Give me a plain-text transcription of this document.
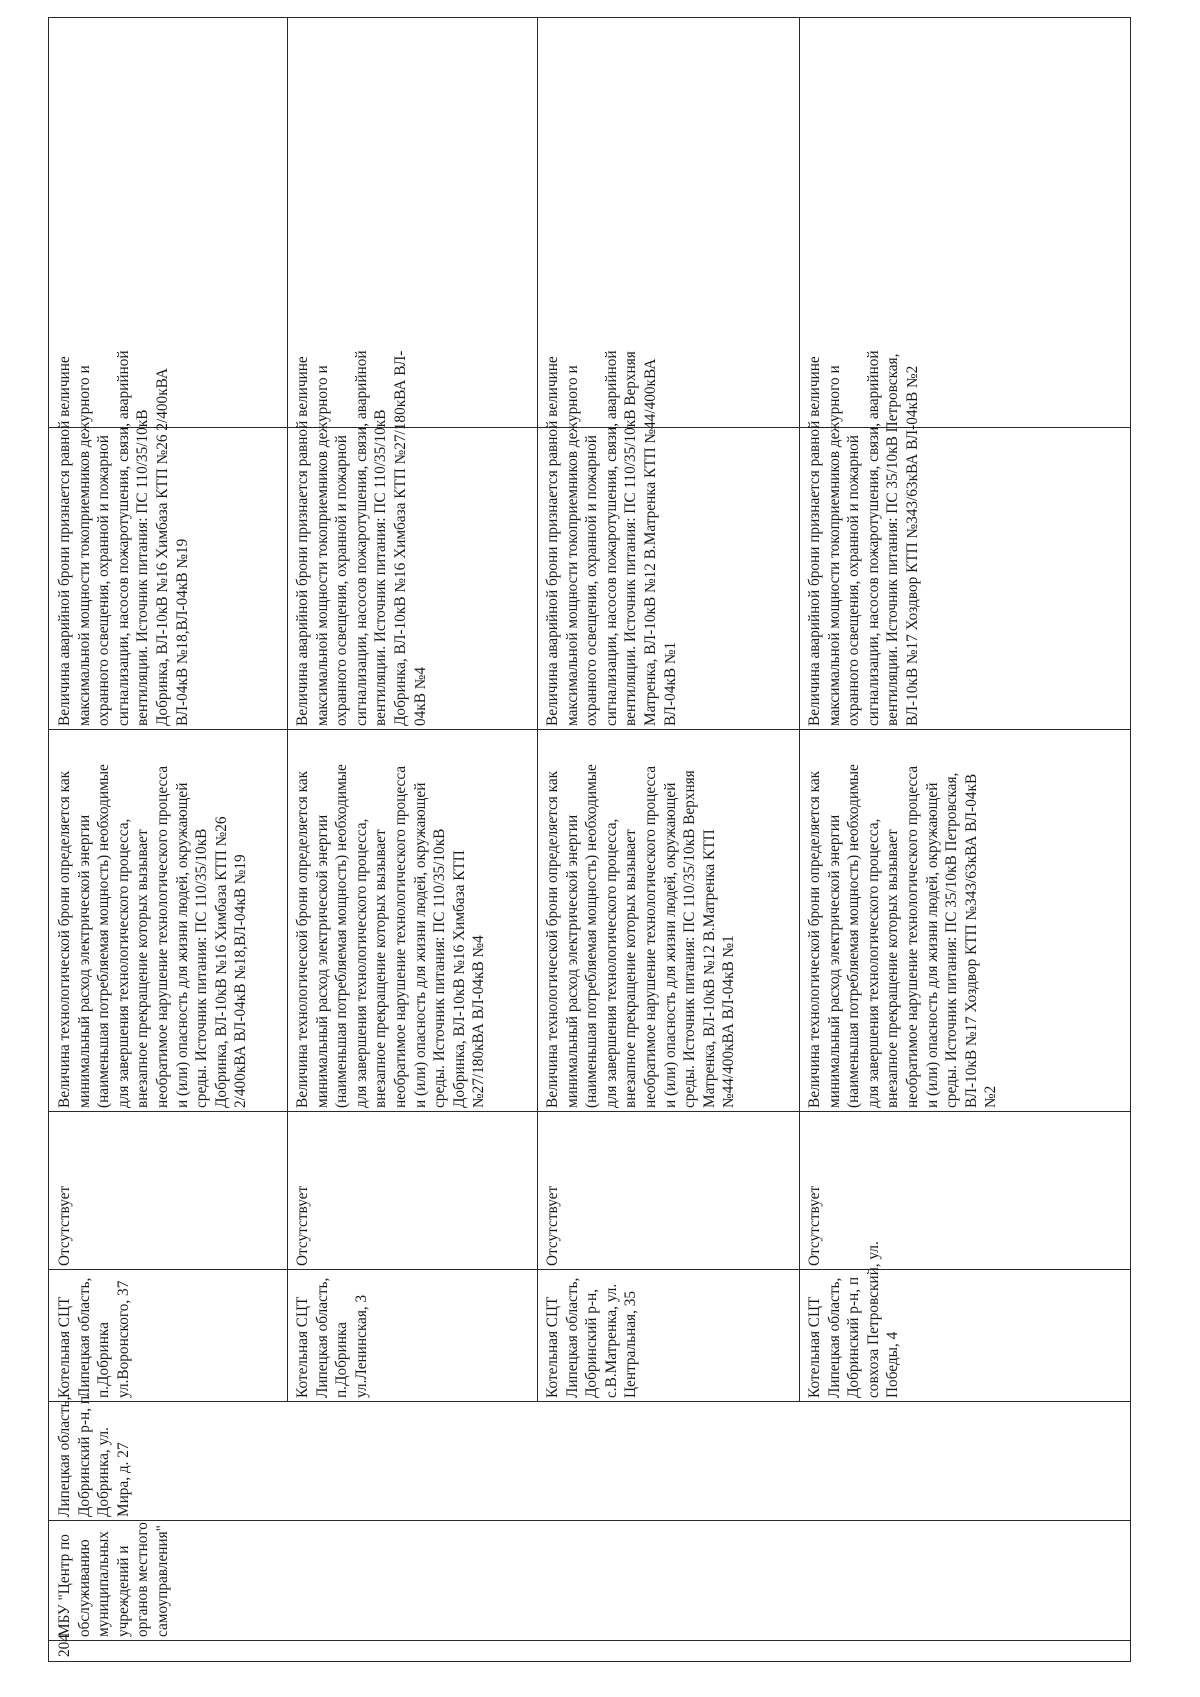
204
МБУ "Центр по
обслуживанию
муниципальных
учреждений и
органов местного
самоуправления"
Липецкая область,
Добринский р-н, п.
Добринка, ул.
Мира, д. 27
Котельная СЦТ
Липецкая область,
п.Добринка
ул.Воронского, 37
Отсутствует
Величина технологической брони определяется как
минимальный расход электрической энергии
(наименьшая потребляемая мощность) необходимые
для завершения технологического процесса,
внезапное прекращение которых вызывает
необратимое нарушение технологического процесса
и (или) опасность для жизни людей, окружающей
среды. Источник питания: ПС 110/35/10кВ
Добринка, ВЛ-10кВ №16 Химбаза КТП №26
2/400кВА ВЛ-04кВ №18,ВЛ-04кВ №19
Величина аварийной брони признается равной величине
максимальной мощности токоприемников дежурного и
охранного освещения, охранной и пожарной
сигнализации, насосов пожаротушения, связи, аварийной
вентиляции. Источник питания: ПС 110/35/10кВ
Добринка, ВЛ-10кВ №16 Химбаза КТП №26 2/400кВА
ВЛ-04кВ №18,ВЛ-04кВ №19
Котельная СЦТ
Липецкая область,
п.Добринка
ул.Ленинская, 3
Отсутствует
Величина технологической брони определяется как
минимальный расход электрической энергии
(наименьшая потребляемая мощность) необходимые
для завершения технологического процесса,
внезапное прекращение которых вызывает
необратимое нарушение технологического процесса
и (или) опасность для жизни людей, окружающей
среды. Источник питания: ПС 110/35/10кВ
Добринка, ВЛ-10кВ №16 Химбаза КТП
№27/180кВА ВЛ-04кВ №4
Величина аварийной брони признается равной величине
максимальной мощности токоприемников дежурного и
охранного освещения, охранной и пожарной
сигнализации, насосов пожаротушения, связи, аварийной
вентиляции. Источник питания: ПС 110/35/10кВ
Добринка, ВЛ-10кВ №16 Химбаза КТП №27/180кВА ВЛ-
04кВ №4
Котельная СЦТ
Липецкая область,
Добринский р-н,
с.В.Матренка, ул.
Центральная, 35
Отсутствует
Величина технологической брони определяется как
минимальный расход электрической энергии
(наименьшая потребляемая мощность) необходимые
для завершения технологического процесса,
внезапное прекращение которых вызывает
необратимое нарушение технологического процесса
и (или) опасность для жизни людей, окружающей
среды. Источник питания: ПС 110/35/10кВ Верхняя
Матренка, ВЛ-10кВ №12 В.Матренка КТП
№44/400кВА ВЛ-04кВ №1
Величина аварийной брони признается равной величине
максимальной мощности токоприемников дежурного и
охранного освещения, охранной и пожарной
сигнализации, насосов пожаротушения, связи, аварийной
вентиляции. Источник питания: ПС 110/35/10кВ Верхняя
Матренка, ВЛ-10кВ №12 В.Матренка КТП №44/400кВА
ВЛ-04кВ №1
Котельная СЦТ
Липецкая область,
Добринский р-н, п
совхоза Петровский, ул.
Победы, 4
Отсутствует
Величина технологической брони определяется как
минимальный расход электрической энергии
(наименьшая потребляемая мощность) необходимые
для завершения технологического процесса,
внезапное прекращение которых вызывает
необратимое нарушение технологического процесса
и (или) опасность для жизни людей, окружающей
среды. Источник питания: ПС 35/10кВ Петровская,
ВЛ-10кВ №17 Хоздвор КТП №343/63кВА ВЛ-04кВ
№2
Величина аварийной брони признается равной величине
максимальной мощности токоприемников дежурного и
охранного освещения, охранной и пожарной
сигнализации, насосов пожаротушения, связи, аварийной
вентиляции. Источник питания: ПС 35/10кВ Петровская,
ВЛ-10кВ №17 Хоздвор КТП №343/63кВА ВЛ-04кВ №2
